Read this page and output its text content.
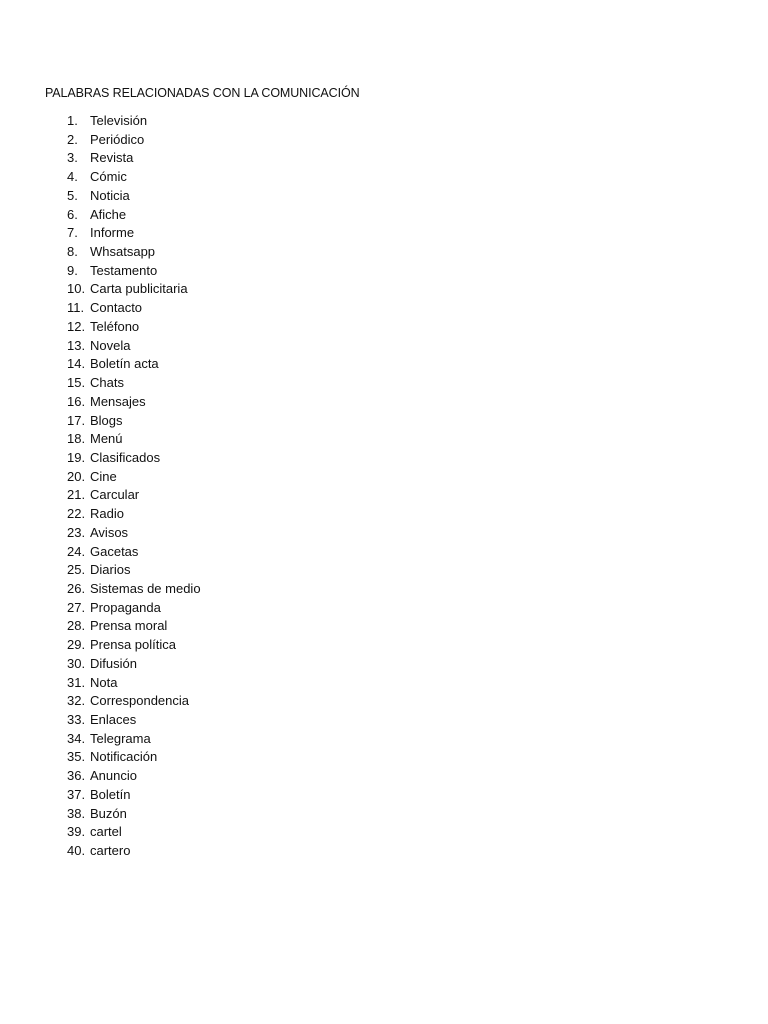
PALABRAS RELACIONADAS CON LA COMUNICACIÓN
1. Televisión
2. Periódico
3. Revista
4. Cómic
5. Noticia
6. Afiche
7. Informe
8. Whsatsapp
9. Testamento
10. Carta publicitaria
11. Contacto
12. Teléfono
13. Novela
14. Boletín acta
15. Chats
16. Mensajes
17. Blogs
18. Menú
19. Clasificados
20. Cine
21. Carcular
22. Radio
23. Avisos
24. Gacetas
25. Diarios
26. Sistemas de medio
27. Propaganda
28. Prensa moral
29. Prensa política
30. Difusión
31. Nota
32. Correspondencia
33. Enlaces
34. Telegrama
35. Notificación
36. Anuncio
37. Boletín
38. Buzón
39. cartel
40. cartero
